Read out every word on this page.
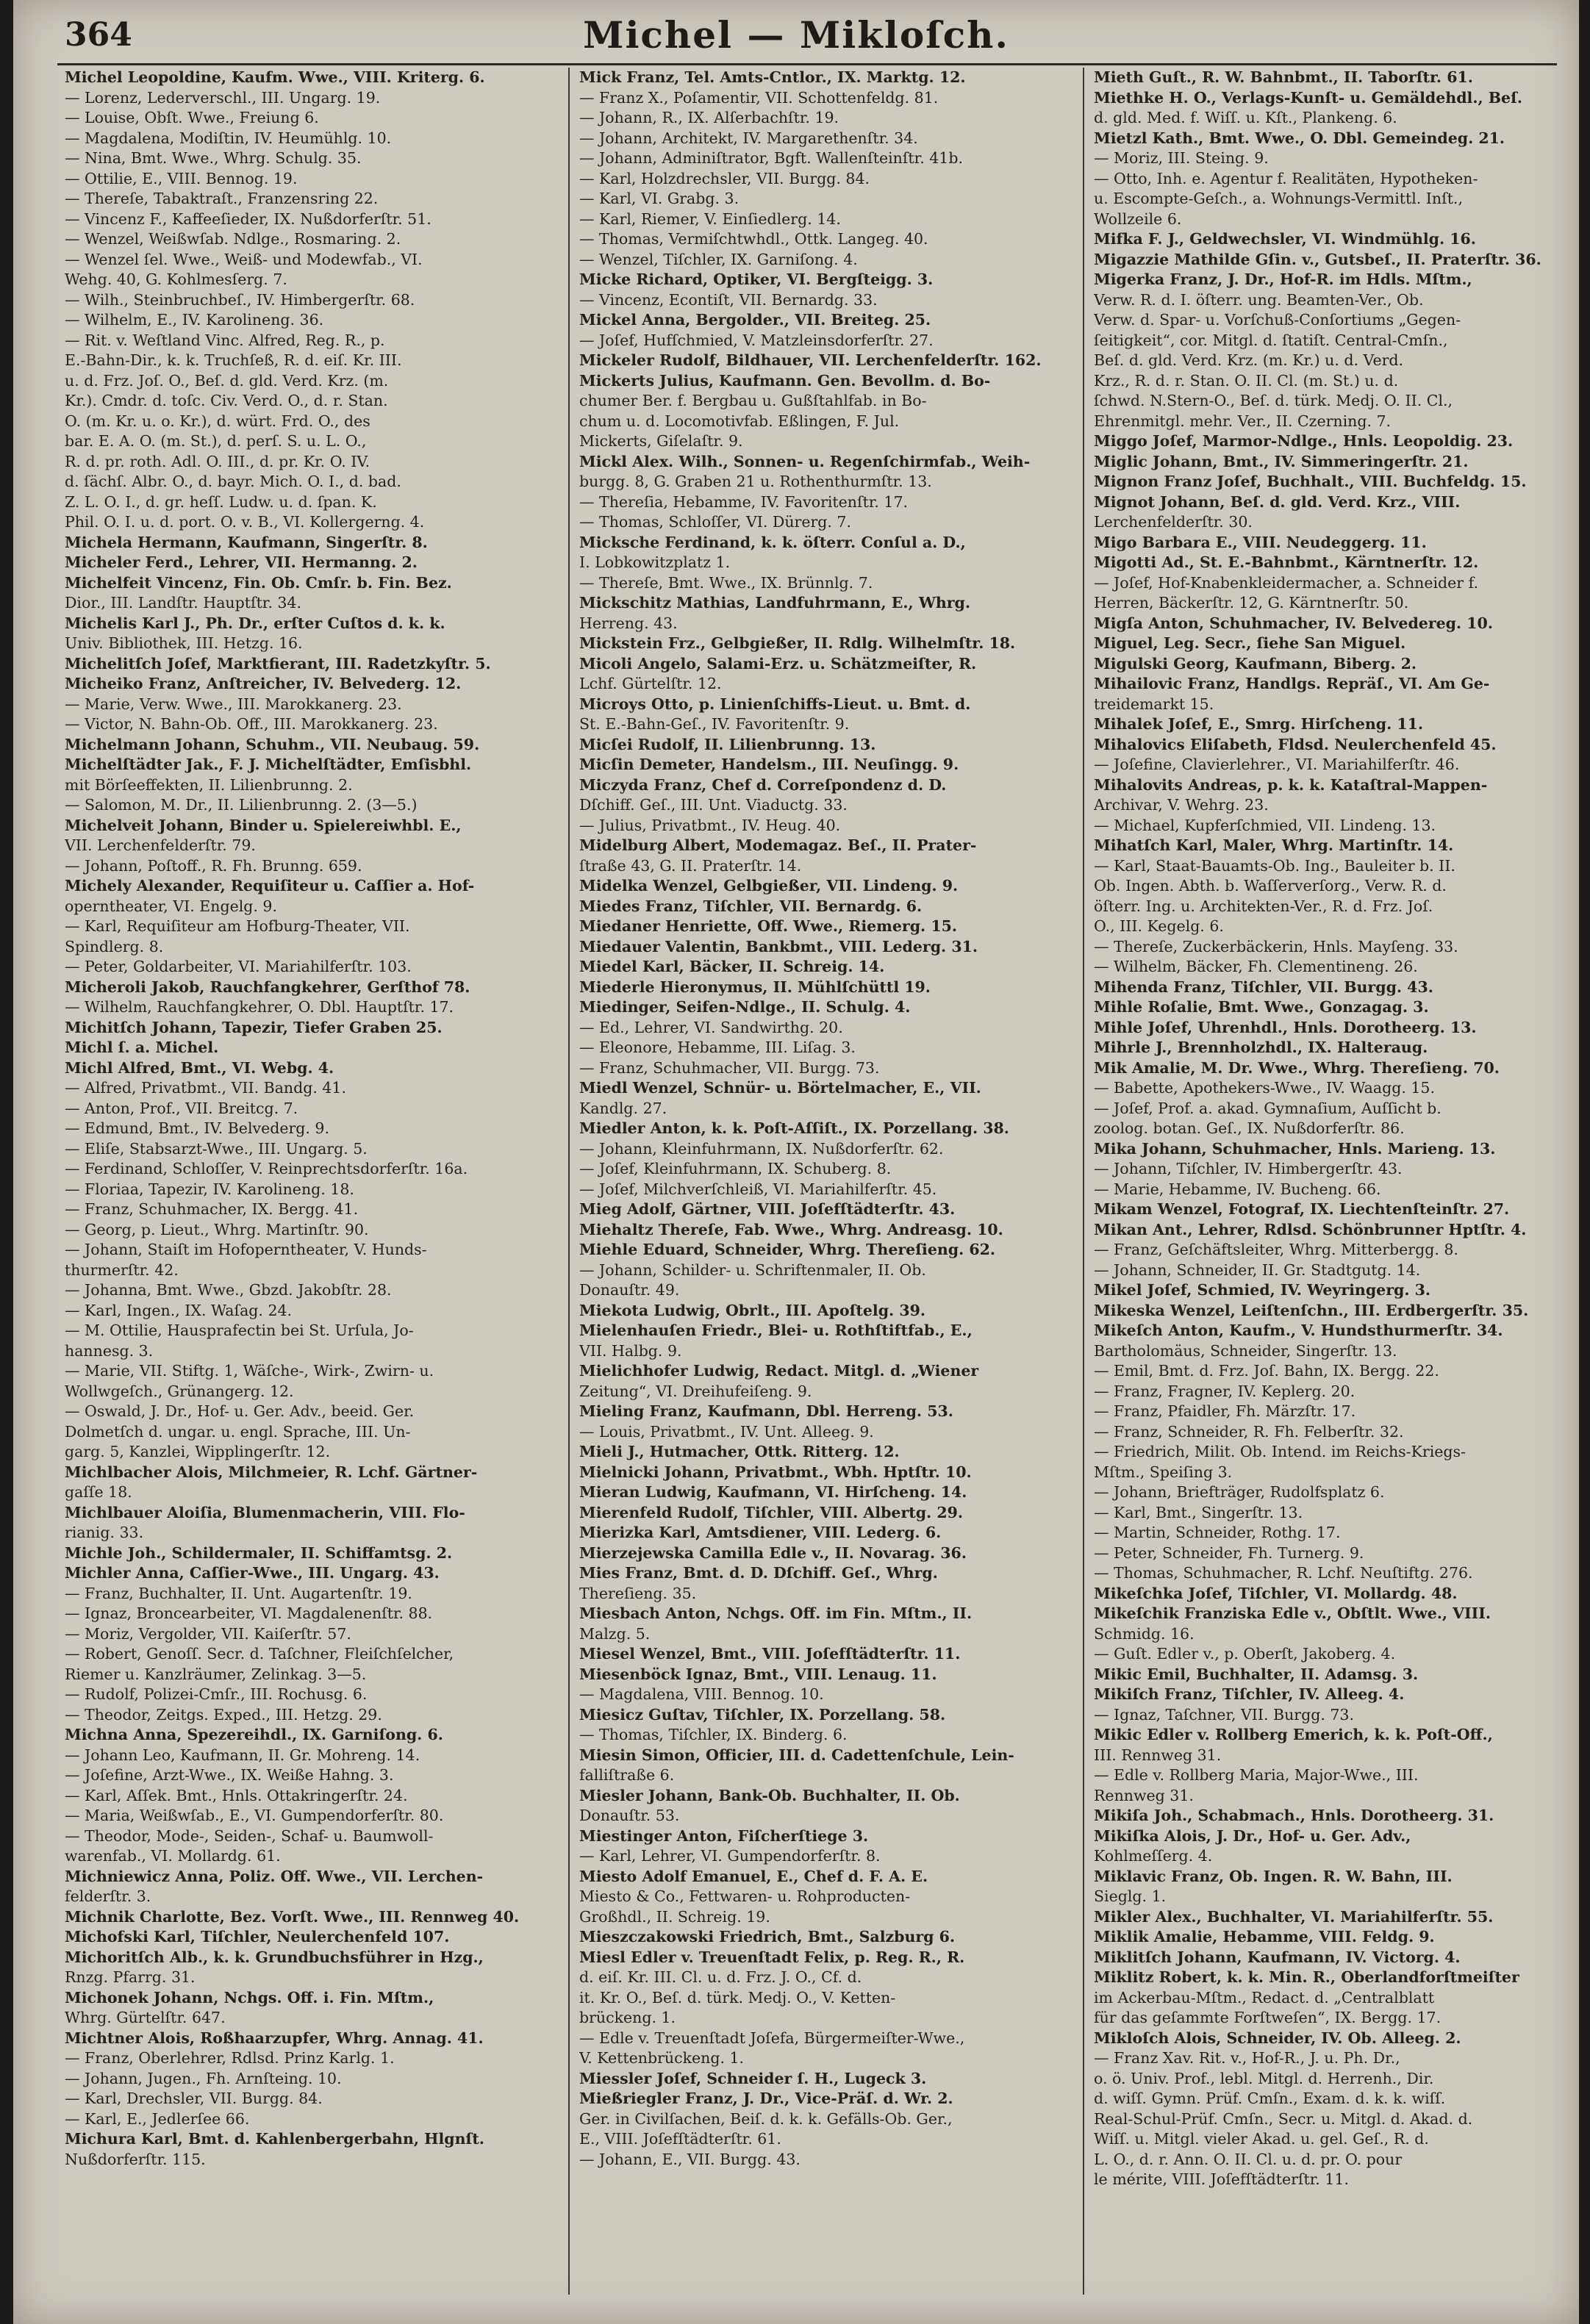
364	Michel — Mikloſch.
Michel Leopoldine, Kaufm. Wwe., VIII. Kriterg. 6.
— Lorenz, Lederverschl., III. Ungarg. 19.
— Louise, Obſt. Wwe., Freiung 6.
— Magdalena, Modiſtin, IV. Heumühlg. 10.
— Nina, Bmt. Wwe., Whrg. Schulg. 35.
— Ottilie, E., VIII. Bennog. 19.
— Thereſe, Tabaktraſt., Franzensring 22.
— Vincenz F., Kaffeeſieder, IX. Nußdorferſtr. 51.
— Wenzel, Weißwſab. Ndlge., Rosmaring. 2.
— Wenzel ſel. Wwe., Weiß- und Modewfab., VI.
Wehg. 40, G. Kohlmesſerg. 7.
— Wilh., Steinbruchbeſ., IV. Himbergerſtr. 68.
— Wilhelm, E., IV. Karolineng. 36.
— Rit. v. Weſtland Vinc. Alfred, Reg. R., p.
E.-Bahn-Dir., k. k. Truchſeß, R. d. eiſ. Kr. III.
u. d. Frz. Joſ. O., Beſ. d. gld. Verd. Krz. (m.
Kr.). Cmdr. d. toſc. Civ. Verd. O., d. r. Stan.
O. (m. Kr. u. o. Kr.), d. würt. Frd. O., des
bar. E. A. O. (m. St.), d. perſ. S. u. L. O.,
R. d. pr. roth. Adl. O. III., d. pr. Kr. O. IV.
d. ſächſ. Albr. O., d. bayr. Mich. O. I., d. bad.
Z. L. O. I., d. gr. heſſ. Ludw. u. d. ſpan. K.
Phil. O. I. u. d. port. O. v. B., VI. Kollergerng. 4.
Michela Hermann, Kaufmann, Singerſtr. 8.
Micheler Ferd., Lehrer, VII. Hermanng. 2.
Michelfeit Vincenz, Fin. Ob. Cmſr. b. Fin. Bez.
Dior., III. Landſtr. Hauptſtr. 34.
Michelis Karl J., Ph. Dr., erſter Cuſtos d. k. k.
Univ. Bibliothek, III. Hetzg. 16.
Michelitſch Joſef, Marktfierant, III. Radetzkyſtr. 5.
Micheiko Franz, Anſtreicher, IV. Belvederg. 12.
— Marie, Verw. Wwe., III. Marokkanerg. 23.
— Victor, N. Bahn-Ob. Off., III. Marokkanerg. 23.
Michelmann Johann, Schuhm., VII. Neubaug. 59.
Michelſtädter Jak., F. J. Michelſtädter, Emſisbhl.
mit Börſeeffekten, II. Lilienbrunng. 2.
— Salomon, M. Dr., II. Lilienbrunng. 2. (3—5.)
Michelveit Johann, Binder u. Spielereiwhbl. E.,
VII. Lerchenfelderſtr. 79.
— Johann, Poſtoff., R. Fh. Brunng. 659.
Michely Alexander, Requiſiteur u. Caſſier a. Hof-
operntheater, VI. Engelg. 9.
— Karl, Requiſiteur am Hofburg-Theater, VII.
Spindlerg. 8.
— Peter, Goldarbeiter, VI. Mariahilferſtr. 103.
Micheroli Jakob, Rauchfangkehrer, Gerſthof 78.
— Wilhelm, Rauchfangkehrer, O. Dbl. Hauptſtr. 17.
Michitſch Johann, Tapezir, Tiefer Graben 25.
Michl ſ. a. Michel.
Michl Alfred, Bmt., VI. Webg. 4.
— Alfred, Privatbmt., VII. Bandg. 41.
— Anton, Prof., VII. Breitcg. 7.
— Edmund, Bmt., IV. Belvederg. 9.
— Eliſe, Stabsarzt-Wwe., III. Ungarg. 5.
— Ferdinand, Schloſſer, V. Reinprechtsdorferſtr. 16a.
— Floriaa, Tapezir, IV. Karolineng. 18.
— Franz, Schuhmacher, IX. Bergg. 41.
— Georg, p. Lieut., Whrg. Martinſtr. 90.
— Johann, Staiſt im Hofoperntheater, V. Hunds-
thurmerſtr. 42.
— Johanna, Bmt. Wwe., Gbzd. Jakobſtr. 28.
— Karl, Ingen., IX. Waſag. 24.
— M. Ottilie, Hausprafectin bei St. Urſula, Jo-
hannesg. 3.
— Marie, VII. Stiftg. 1, Wäſche-, Wirk-, Zwirn- u.
Wollwgeſch., Grünangerg. 12.
— Oswald, J. Dr., Hof- u. Ger. Adv., beeid. Ger.
Dolmetſch d. ungar. u. engl. Sprache, III. Un-
garg. 5, Kanzlei, Wipplingerſtr. 12.
Michlbacher Alois, Milchmeier, R. Lchf. Gärtner-
gaſſe 18.
Michlbauer Aloiſia, Blumenmacherin, VIII. Flo-
rianig. 33.
Michle Joh., Schildermaler, II. Schiffamtsg. 2.
Michler Anna, Caſſier-Wwe., III. Ungarg. 43.
— Franz, Buchhalter, II. Unt. Augartenſtr. 19.
— Ignaz, Broncearbeiter, VI. Magdalenenſtr. 88.
— Moriz, Vergolder, VII. Kaiſerſtr. 57.
— Robert, Genoſſ. Secr. d. Taſchner, Fleiſchſelcher,
Riemer u. Kanzlräumer, Zelinkag. 3—5.
— Rudolf, Polizei-Cmſr., III. Rochusg. 6.
— Theodor, Zeitgs. Exped., III. Hetzg. 29.
Michna Anna, Spezereihdl., IX. Garniſong. 6.
— Johann Leo, Kaufmann, II. Gr. Mohreng. 14.
— Joſefine, Arzt-Wwe., IX. Weiße Hahng. 3.
— Karl, Aſſek. Bmt., Hnls. Ottakringerſtr. 24.
— Maria, Weißwſab., E., VI. Gumpendorferſtr. 80.
— Theodor, Mode-, Seiden-, Schaf- u. Baumwoll-
warenfab., VI. Mollardg. 61.
Michniewicz Anna, Poliz. Off. Wwe., VII. Lerchen-
felderſtr. 3.
Michnik Charlotte, Bez. Vorſt. Wwe., III. Rennweg 40.
Michofski Karl, Tiſchler, Neulerchenfeld 107.
Michoritſch Alb., k. k. Grundbuchsführer in Hzg.,
Rnzg. Pfarrg. 31.
Michonek Johann, Nchgs. Off. i. Fin. Mſtm.,
Whrg. Gürtelſtr. 647.
Michtner Alois, Roßhaarzupfer, Whrg. Annag. 41.
— Franz, Oberlehrer, Rdlsd. Prinz Karlg. 1.
— Johann, Jugen., Fh. Arnſteing. 10.
— Karl, Drechsler, VII. Burgg. 84.
— Karl, E., Jedlerſee 66.
Michura Karl, Bmt. d. Kahlenbergerbahn, Hlgnſt.
Nußdorferſtr. 115.
Mick Franz, Tel. Amts-Cntlor., IX. Marktg. 12.
— Franz X., Poſamentir, VII. Schottenfeldg. 81.
— Johann, R., IX. Alſerbachſtr. 19.
— Johann, Architekt, IV. Margarethenſtr. 34.
— Johann, Adminiſtrator, Bgft. Wallenſteinſtr. 41b.
— Karl, Holzdrechsler, VII. Burgg. 84.
— Karl, VI. Grabg. 3.
— Karl, Riemer, V. Einſiedlerg. 14.
— Thomas, Vermiſchtwhdl., Ottk. Langeg. 40.
— Wenzel, Tiſchler, IX. Garniſong. 4.
Micke Richard, Optiker, VI. Bergſteigg. 3.
— Vincenz, Econtiſt, VII. Bernardg. 33.
Mickel Anna, Bergolder., VII. Breiteg. 25.
— Joſef, Hufſchmied, V. Matzleinsdorferſtr. 27.
Mickeler Rudolf, Bildhauer, VII. Lerchenfelderſtr. 162.
Mickerts Julius, Kaufmann. Gen. Bevollm. d. Bo-
chumer Ber. f. Bergbau u. Gußſtahlfab. in Bo-
chum u. d. Locomotivfab. Eßlingen, F. Jul.
Mickerts, Giſelaſtr. 9.
Mickl Alex. Wilh., Sonnen- u. Regenſchirmfab., Weih-
burgg. 8, G. Graben 21 u. Rothenthurmſtr. 13.
— Thereſia, Hebamme, IV. Favoritenſtr. 17.
— Thomas, Schloſſer, VI. Dürerg. 7.
Micksche Ferdinand, k. k. öſterr. Conſul a. D.,
I. Lobkowitzplatz 1.
— Thereſe, Bmt. Wwe., IX. Brünnlg. 7.
Mickschitz Mathias, Landfuhrmann, E., Whrg.
Herreng. 43.
Mickstein Frz., Gelbgießer, II. Rdlg. Wilhelmſtr. 18.
Micoli Angelo, Salami-Erz. u. Schätzmeiſter, R.
Lchf. Gürtelſtr. 12.
Microys Otto, p. Linienſchiffs-Lieut. u. Bmt. d.
St. E.-Bahn-Geſ., IV. Favoritenſtr. 9.
Micſei Rudolf, II. Lilienbrunng. 13.
Micſin Demeter, Handelsm., III. Neuſingg. 9.
Miczyda Franz, Chef d. Correſpondenz d. D.
Dſchiff. Geſ., III. Unt. Viaductg. 33.
— Julius, Privatbmt., IV. Heug. 40.
Midelburg Albert, Modemagaz. Beſ., II. Prater-
ſtraße 43, G. II. Praterſtr. 14.
Midelka Wenzel, Gelbgießer, VII. Lindeng. 9.
Miedes Franz, Tiſchler, VII. Bernardg. 6.
Miedaner Henriette, Off. Wwe., Riemerg. 15.
Miedauer Valentin, Bankbmt., VIII. Lederg. 31.
Miedel Karl, Bäcker, II. Schreig. 14.
Miederle Hieronymus, II. Mühlſchüttl 19.
Miedinger, Seifen-Ndlge., II. Schulg. 4.
— Ed., Lehrer, VI. Sandwirthg. 20.
— Eleonore, Hebamme, III. Liſag. 3.
— Franz, Schuhmacher, VII. Burgg. 73.
Miedl Wenzel, Schnür- u. Börtelmacher, E., VII.
Kandlg. 27.
Miedler Anton, k. k. Poſt-Aſſiſt., IX. Porzellang. 38.
— Johann, Kleinfuhrmann, IX. Nußdorferſtr. 62.
— Joſef, Kleinfuhrmann, IX. Schuberg. 8.
— Joſef, Milchverſchleiß, VI. Mariahilferſtr. 45.
Mieg Adolf, Gärtner, VIII. Joſefſtädterſtr. 43.
Miehaltz Thereſe, Fab. Wwe., Whrg. Andreasg. 10.
Miehle Eduard, Schneider, Whrg. Thereſieng. 62.
— Johann, Schilder- u. Schriftenmaler, II. Ob.
Donauſtr. 49.
Miekota Ludwig, Obrlt., III. Apoſtelg. 39.
Mielenhauſen Friedr., Blei- u. Rothſtiftfab., E.,
VII. Halbg. 9.
Mielichhofer Ludwig, Redact. Mitgl. d. „Wiener
Zeitung“, VI. Dreihufeiſeng. 9.
Mieling Franz, Kaufmann, Dbl. Herreng. 53.
— Louis, Privatbmt., IV. Unt. Alleeg. 9.
Mieli J., Hutmacher, Ottk. Ritterg. 12.
Mielnicki Johann, Privatbmt., Wbh. Hptſtr. 10.
Mieran Ludwig, Kaufmann, VI. Hirſcheng. 14.
Mierenfeld Rudolf, Tiſchler, VIII. Albertg. 29.
Mierizka Karl, Amtsdiener, VIII. Lederg. 6.
Mierzejewska Camilla Edle v., II. Novarag. 36.
Mies Franz, Bmt. d. D. Dſchiff. Geſ., Whrg.
Thereſieng. 35.
Miesbach Anton, Nchgs. Off. im Fin. Mſtm., II.
Malzg. 5.
Miesel Wenzel, Bmt., VIII. Joſefſtädterſtr. 11.
Miesenböck Ignaz, Bmt., VIII. Lenaug. 11.
— Magdalena, VIII. Bennog. 10.
Miesicz Guſtav, Tiſchler, IX. Porzellang. 58.
— Thomas, Tiſchler, IX. Binderg. 6.
Miesin Simon, Officier, III. d. Cadettenſchule, Lein-
falliſtraße 6.
Miesler Johann, Bank-Ob. Buchhalter, II. Ob.
Donauſtr. 53.
Miestinger Anton, Fiſcherſtiege 3.
— Karl, Lehrer, VI. Gumpendorferſtr. 8.
Miesto Adolf Emanuel, E., Chef d. F. A. E.
Miesto & Co., Fettwaren- u. Rohproducten-
Großhdl., II. Schreig. 19.
Mieszczakowski Friedrich, Bmt., Salzburg 6.
Miesl Edler v. Treuenſtadt Felix, p. Reg. R., R.
d. eiſ. Kr. III. Cl. u. d. Frz. J. O., Cf. d.
it. Kr. O., Beſ. d. türk. Medj. O., V. Ketten-
brückeng. 1.
— Edle v. Treuenſtadt Joſefa, Bürgermeiſter-Wwe.,
V. Kettenbrückeng. 1.
Miessler Joſef, Schneider ſ. H., Lugeck 3.
Mießriegler Franz, J. Dr., Vice-Präſ. d. Wr. 2.
Ger. in Civilſachen, Beiſ. d. k. k. Gefälls-Ob. Ger.,
E., VIII. Joſefſtädterſtr. 61.
— Johann, E., VII. Burgg. 43.
Mieth Guſt., R. W. Bahnbmt., II. Taborſtr. 61.
Miethke H. O., Verlags-Kunſt- u. Gemäldehdl., Beſ.
d. gld. Med. f. Wiſſ. u. Kſt., Plankeng. 6.
Mietzl Kath., Bmt. Wwe., O. Dbl. Gemeindeg. 21.
— Moriz, III. Steing. 9.
— Otto, Inh. e. Agentur f. Realitäten, Hypotheken-
u. Escompte-Geſch., a. Wohnungs-Vermittl. Inſt.,
Wollzeile 6.
Mifka F. J., Geldwechsler, VI. Windmühlg. 16.
Migazzie Mathilde Gſin. v., Gutsbeſ., II. Praterſtr. 36.
Migerka Franz, J. Dr., Hof-R. im Hdls. Mſtm.,
Verw. R. d. I. öſterr. ung. Beamten-Ver., Ob.
Verw. d. Spar- u. Vorſchuß-Conſortiums „Gegen-
ſeitigkeit“, cor. Mitgl. d. ſtatiſt. Central-Cmſn.,
Beſ. d. gld. Verd. Krz. (m. Kr.) u. d. Verd.
Krz., R. d. r. Stan. O. II. Cl. (m. St.) u. d.
ſchwd. N.Stern-O., Beſ. d. türk. Medj. O. II. Cl.,
Ehrenmitgl. mehr. Ver., II. Czerning. 7.
Miggo Joſef, Marmor-Ndlge., Hnls. Leopoldig. 23.
Miglic Johann, Bmt., IV. Simmeringerſtr. 21.
Mignon Franz Joſef, Buchhalt., VIII. Buchfeldg. 15.
Mignot Johann, Beſ. d. gld. Verd. Krz., VIII.
Lerchenfelderſtr. 30.
Migo Barbara E., VIII. Neudeggerg. 11.
Migotti Ad., St. E.-Bahnbmt., Kärntnerſtr. 12.
— Joſef, Hof-Knabenkleidermacher, a. Schneider f.
Herren, Bäckerſtr. 12, G. Kärntnerſtr. 50.
Migſa Anton, Schuhmacher, IV. Belvedereg. 10.
Miguel, Leg. Secr., ſiehe San Miguel.
Migulski Georg, Kaufmann, Biberg. 2.
Mihailovic Franz, Handlgs. Repräſ., VI. Am Ge-
treidemarkt 15.
Mihalek Joſef, E., Smrg. Hirſcheng. 11.
Mihalovics Eliſabeth, Fldsd. Neulerchenfeld 45.
— Joſefine, Clavierlehrer., VI. Mariahilferſtr. 46.
Mihalovits Andreas, p. k. k. Kataſtral-Mappen-
Archivar, V. Wehrg. 23.
— Michael, Kupferſchmied, VII. Lindeng. 13.
Mihatſch Karl, Maler, Whrg. Martinſtr. 14.
— Karl, Staat-Bauamts-Ob. Ing., Bauleiter b. II.
Ob. Ingen. Abth. b. Waſſerverſorg., Verw. R. d.
öſterr. Ing. u. Architekten-Ver., R. d. Frz. Joſ.
O., III. Kegelg. 6.
— Thereſe, Zuckerbäckerin, Hnls. Mayſeng. 33.
— Wilhelm, Bäcker, Fh. Clementineng. 26.
Mihenda Franz, Tiſchler, VII. Burgg. 43.
Mihle Roſalie, Bmt. Wwe., Gonzagag. 3.
Mihle Joſef, Uhrenhdl., Hnls. Dorotheerg. 13.
Mihrle J., Brennholzhdl., IX. Halteraug.
Mik Amalie, M. Dr. Wwe., Whrg. Thereſieng. 70.
— Babette, Apothekers-Wwe., IV. Waagg. 15.
— Joſef, Prof. a. akad. Gymnaſium, Auſſicht b.
zoolog. botan. Geſ., IX. Nußdorferſtr. 86.
Mika Johann, Schuhmacher, Hnls. Marieng. 13.
— Johann, Tiſchler, IV. Himbergerſtr. 43.
— Marie, Hebamme, IV. Bucheng. 66.
Mikam Wenzel, Fotograf, IX. Liechtenſteinſtr. 27.
Mikan Ant., Lehrer, Rdlsd. Schönbrunner Hptſtr. 4.
— Franz, Geſchäftsleiter, Whrg. Mitterbergg. 8.
— Johann, Schneider, II. Gr. Stadtgutg. 14.
Mikel Joſef, Schmied, IV. Weyringerg. 3.
Mikeska Wenzel, Leiſtenſchn., III. Erdbergerſtr. 35.
Mikeſch Anton, Kaufm., V. Hundsthurmerſtr. 34.
Bartholomäus, Schneider, Singerſtr. 13.
— Emil, Bmt. d. Frz. Joſ. Bahn, IX. Bergg. 22.
— Franz, Fragner, IV. Keplerg. 20.
— Franz, Pfaidler, Fh. Märzſtr. 17.
— Franz, Schneider, R. Fh. Felberſtr. 32.
— Friedrich, Milit. Ob. Intend. im Reichs-Kriegs-
Mſtm., Speiſing 3.
— Johann, Briefträger, Rudolfsplatz 6.
— Karl, Bmt., Singerſtr. 13.
— Martin, Schneider, Rothg. 17.
— Peter, Schneider, Fh. Turnerg. 9.
— Thomas, Schuhmacher, R. Lchf. Neuſtiftg. 276.
Mikeſchka Joſef, Tiſchler, VI. Mollardg. 48.
Mikeſchik Franziska Edle v., Obſtlt. Wwe., VIII.
Schmidg. 16.
— Guſt. Edler v., p. Oberſt, Jakoberg. 4.
Mikic Emil, Buchhalter, II. Adamsg. 3.
Mikiſch Franz, Tiſchler, IV. Alleeg. 4.
— Ignaz, Taſchner, VII. Burgg. 73.
Mikic Edler v. Rollberg Emerich, k. k. Poſt-Off.,
III. Rennweg 31.
— Edle v. Rollberg Maria, Major-Wwe., III.
Rennweg 31.
Mikiſa Joh., Schabmach., Hnls. Dorotheerg. 31.
Mikiſka Alois, J. Dr., Hof- u. Ger. Adv.,
Kohlmeſſerg. 4.
Miklavic Franz, Ob. Ingen. R. W. Bahn, III.
Sieglg. 1.
Mikler Alex., Buchhalter, VI. Mariahilferſtr. 55.
Miklik Amalie, Hebamme, VIII. Feldg. 9.
Miklitſch Johann, Kaufmann, IV. Victorg. 4.
Miklitz Robert, k. k. Min. R., Oberlandforſtmeiſter
im Ackerbau-Mſtm., Redact. d. „Centralblatt
für das geſammte Forſtweſen“, IX. Bergg. 17.
Mikloſch Alois, Schneider, IV. Ob. Alleeg. 2.
— Franz Xav. Rit. v., Hof-R., J. u. Ph. Dr.,
o. ö. Univ. Prof., lebl. Mitgl. d. Herrenh., Dir.
d. wiſſ. Gymn. Prüf. Cmſn., Exam. d. k. k. wiſſ.
Real-Schul-Prüf. Cmſn., Secr. u. Mitgl. d. Akad. d.
Wiſſ. u. Mitgl. vieler Akad. u. gel. Geſ., R. d.
L. O., d. r. Ann. O. II. Cl. u. d. pr. O. pour
le mérite, VIII. Joſefſtädterſtr. 11.
